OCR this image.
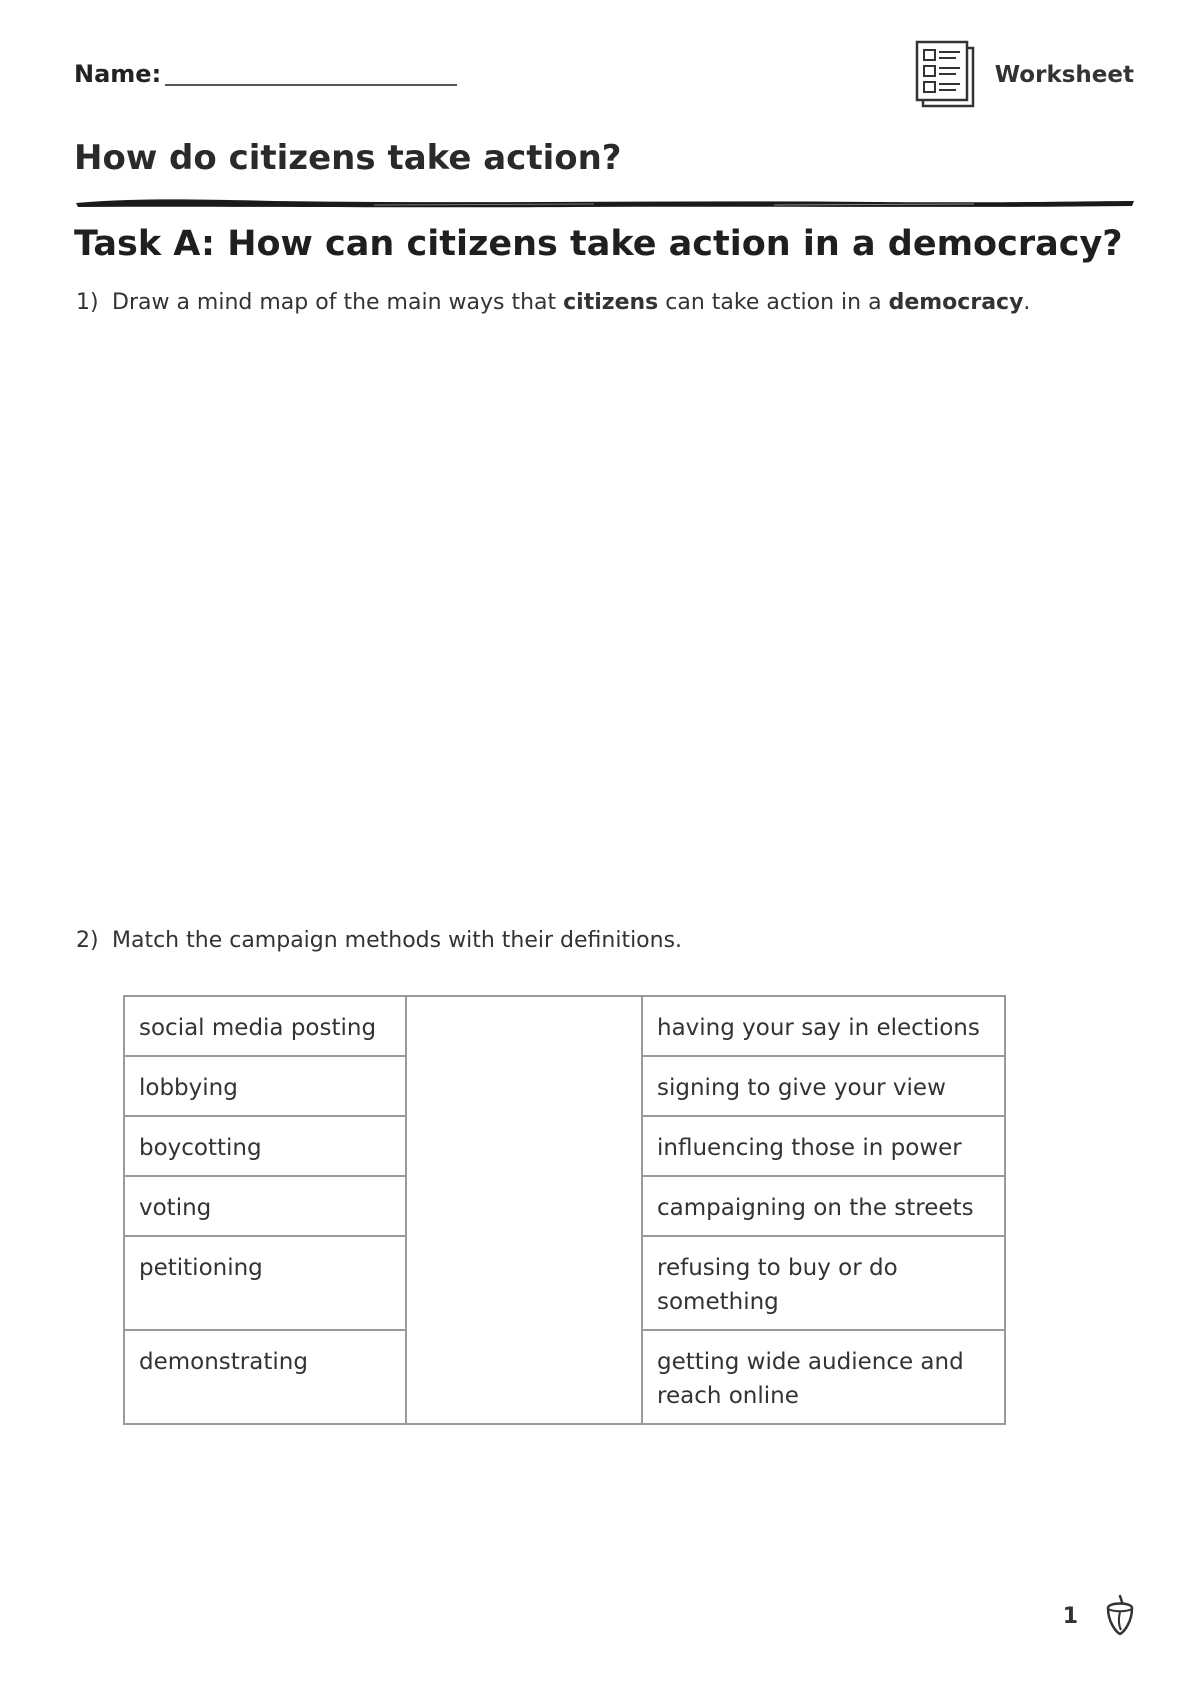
Name:	Worksheet
How do citizens take action?
Task A: How can citizens take action in a democracy?
1) Draw a mind map of the main ways that citizens can take action in a democracy.
2) Match the campaign methods with their definitions.
social media posting		having your say in elections
lobbying		signing to give your view
boycotting		influencing those in power
voting		campaigning on the streets
petitioning		refusing to buy or do something
demonstrating		getting wide audience and reach online
1
